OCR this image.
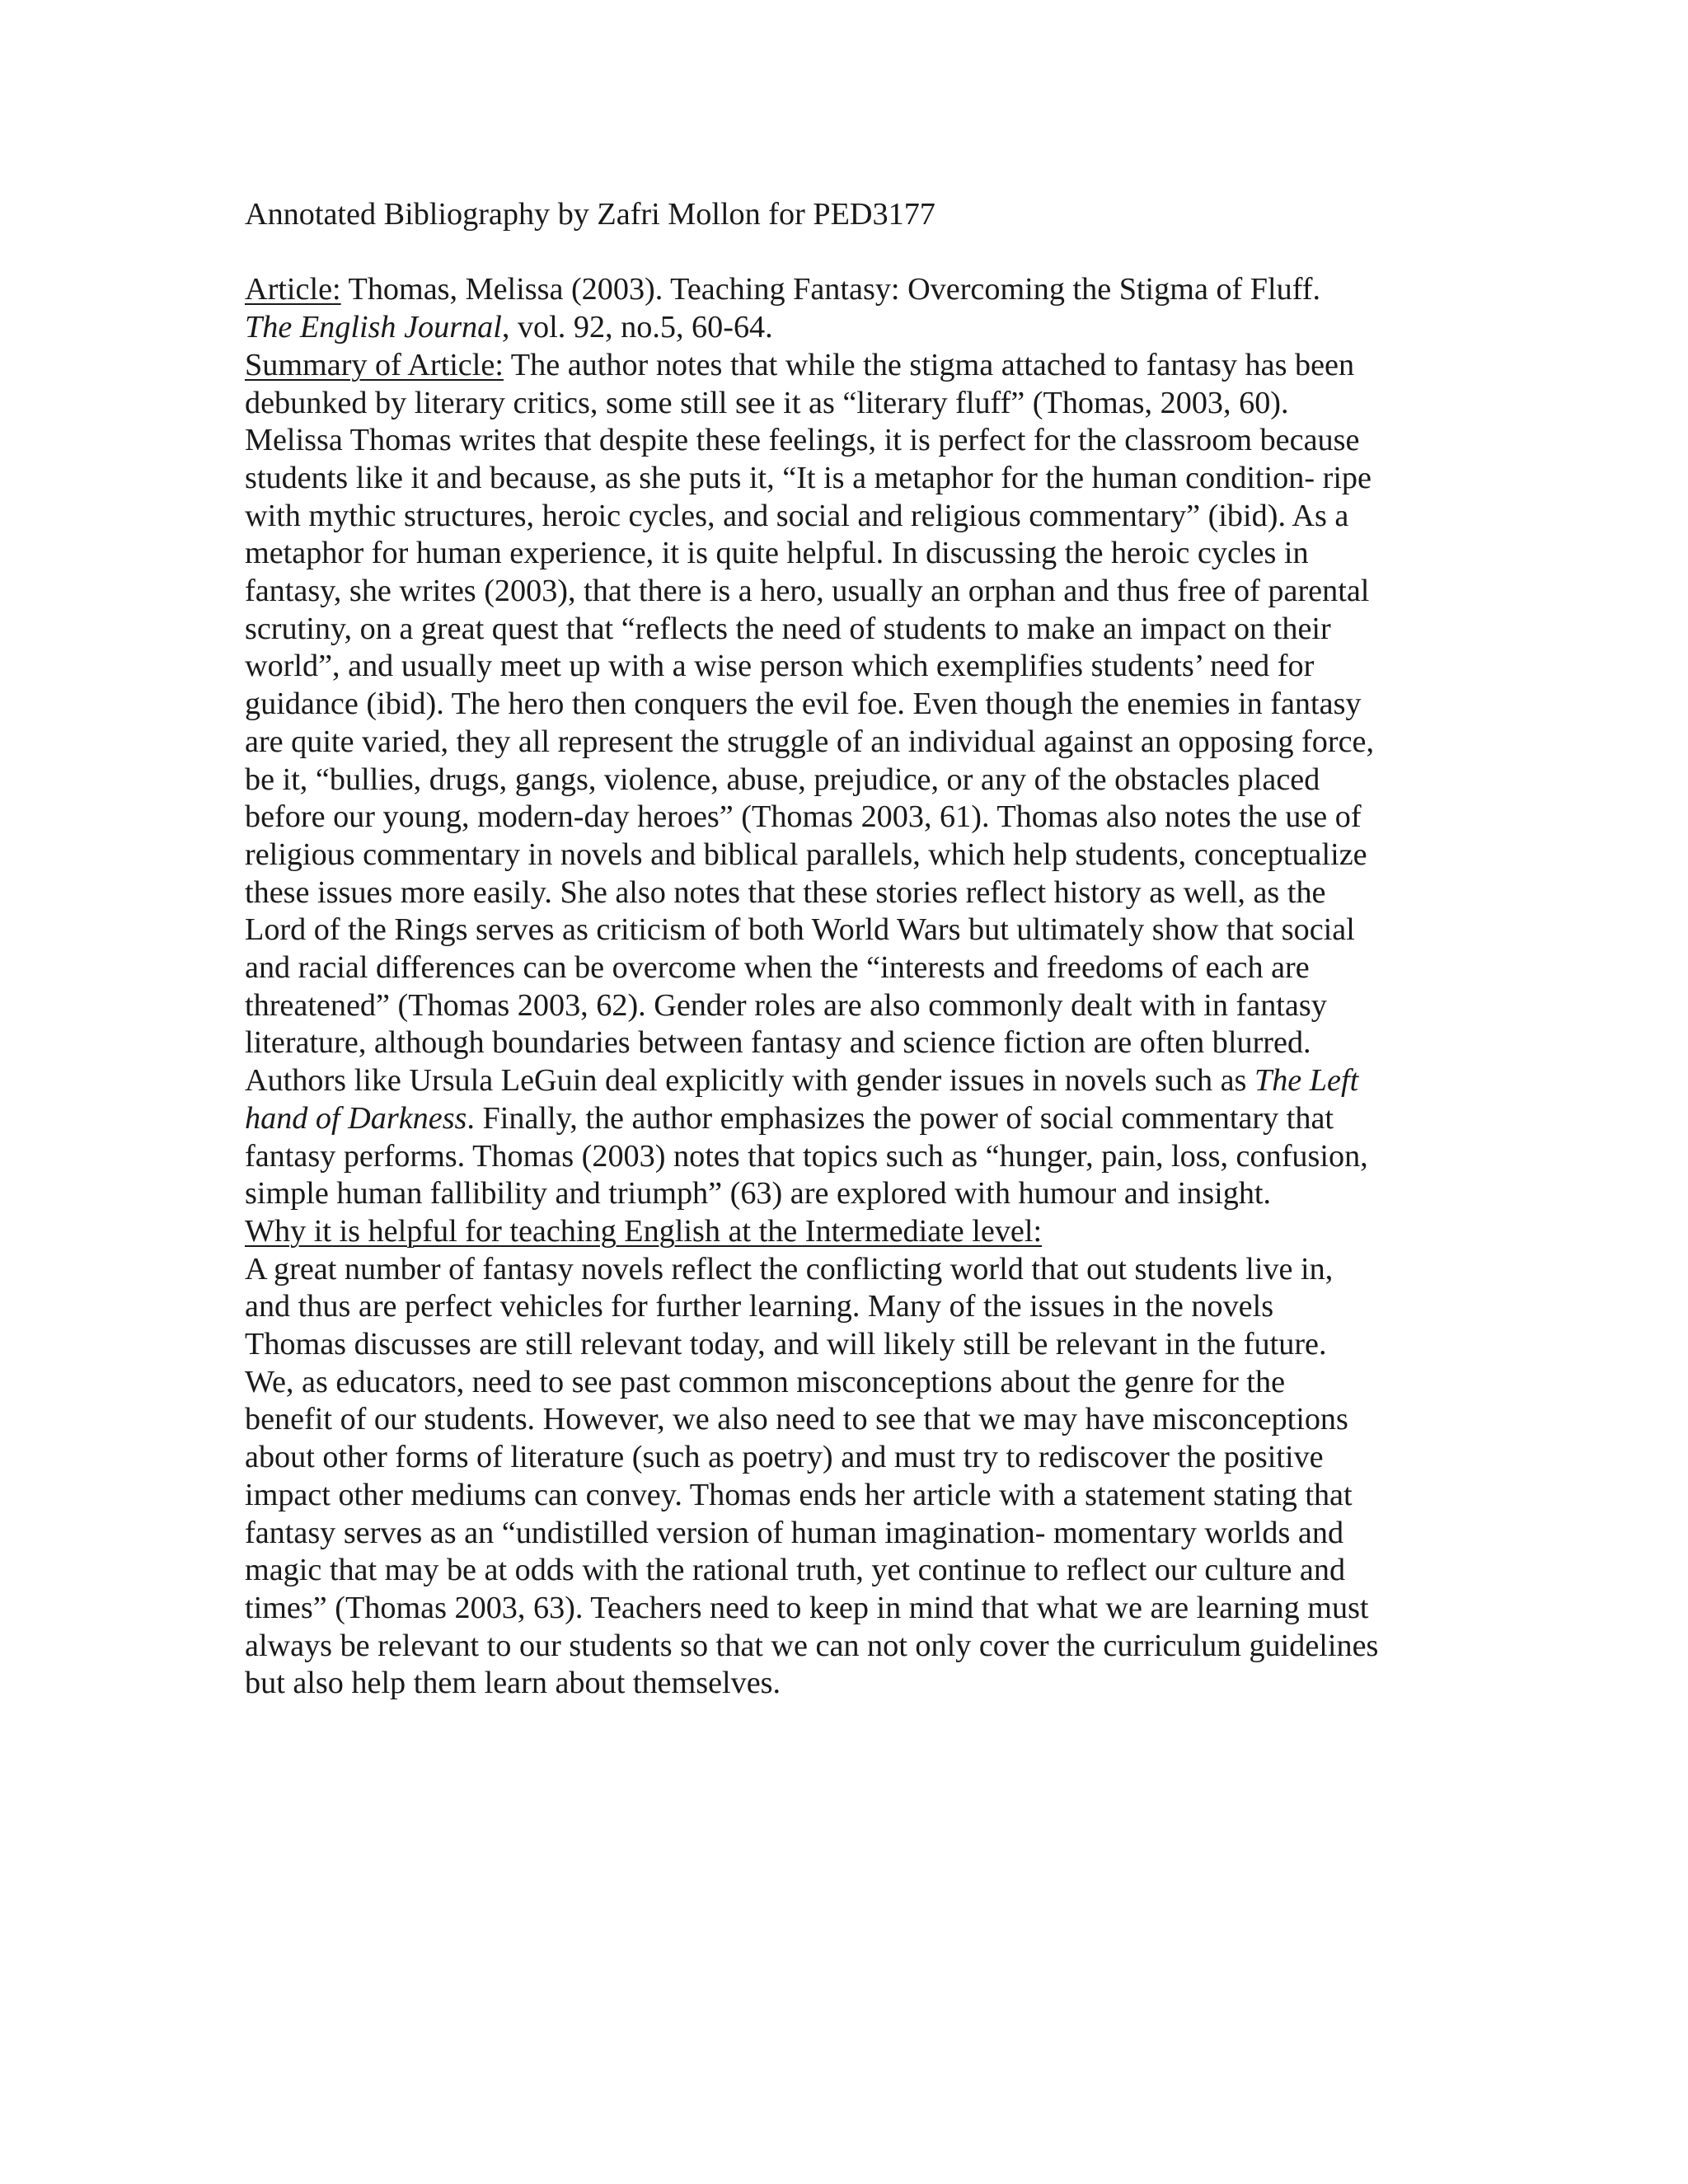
Annotated Bibliography by Zafri Mollon for PED3177
Article: Thomas, Melissa (2003). Teaching Fantasy: Overcoming the Stigma of Fluff.
The English Journal, vol. 92, no.5, 60-64.
Summary of Article: The author notes that while the stigma attached to fantasy has been
debunked by literary critics, some still see it as “literary fluff” (Thomas, 2003, 60).
Melissa Thomas writes that despite these feelings, it is perfect for the classroom because
students like it and because, as she puts it, “It is a metaphor for the human condition- ripe
with mythic structures, heroic cycles, and social and religious commentary” (ibid). As a
metaphor for human experience, it is quite helpful. In discussing the heroic cycles in
fantasy, she writes (2003), that there is a hero, usually an orphan and thus free of parental
scrutiny, on a great quest that “reflects the need of students to make an impact on their
world”, and usually meet up with a wise person which exemplifies students’ need for
guidance (ibid). The hero then conquers the evil foe. Even though the enemies in fantasy
are quite varied, they all represent the struggle of an individual against an opposing force,
be it, “bullies, drugs, gangs, violence, abuse, prejudice, or any of the obstacles placed
before our young, modern-day heroes” (Thomas 2003, 61). Thomas also notes the use of
religious commentary in novels and biblical parallels, which help students, conceptualize
these issues more easily. She also notes that these stories reflect history as well, as the
Lord of the Rings serves as criticism of both World Wars but ultimately show that social
and racial differences can be overcome when the “interests and freedoms of each are
threatened” (Thomas 2003, 62). Gender roles are also commonly dealt with in fantasy
literature, although boundaries between fantasy and science fiction are often blurred.
Authors like Ursula LeGuin deal explicitly with gender issues in novels such as The Left
hand of Darkness. Finally, the author emphasizes the power of social commentary that
fantasy performs. Thomas (2003) notes that topics such as “hunger, pain, loss, confusion,
simple human fallibility and triumph” (63) are explored with humour and insight.
Why it is helpful for teaching English at the Intermediate level:
A great number of fantasy novels reflect the conflicting world that out students live in,
and thus are perfect vehicles for further learning. Many of the issues in the novels
Thomas discusses are still relevant today, and will likely still be relevant in the future.
We, as educators, need to see past common misconceptions about the genre for the
benefit of our students. However, we also need to see that we may have misconceptions
about other forms of literature (such as poetry) and must try to rediscover the positive
impact other mediums can convey. Thomas ends her article with a statement stating that
fantasy serves as an “undistilled version of human imagination- momentary worlds and
magic that may be at odds with the rational truth, yet continue to reflect our culture and
times” (Thomas 2003, 63). Teachers need to keep in mind that what we are learning must
always be relevant to our students so that we can not only cover the curriculum guidelines
but also help them learn about themselves.
